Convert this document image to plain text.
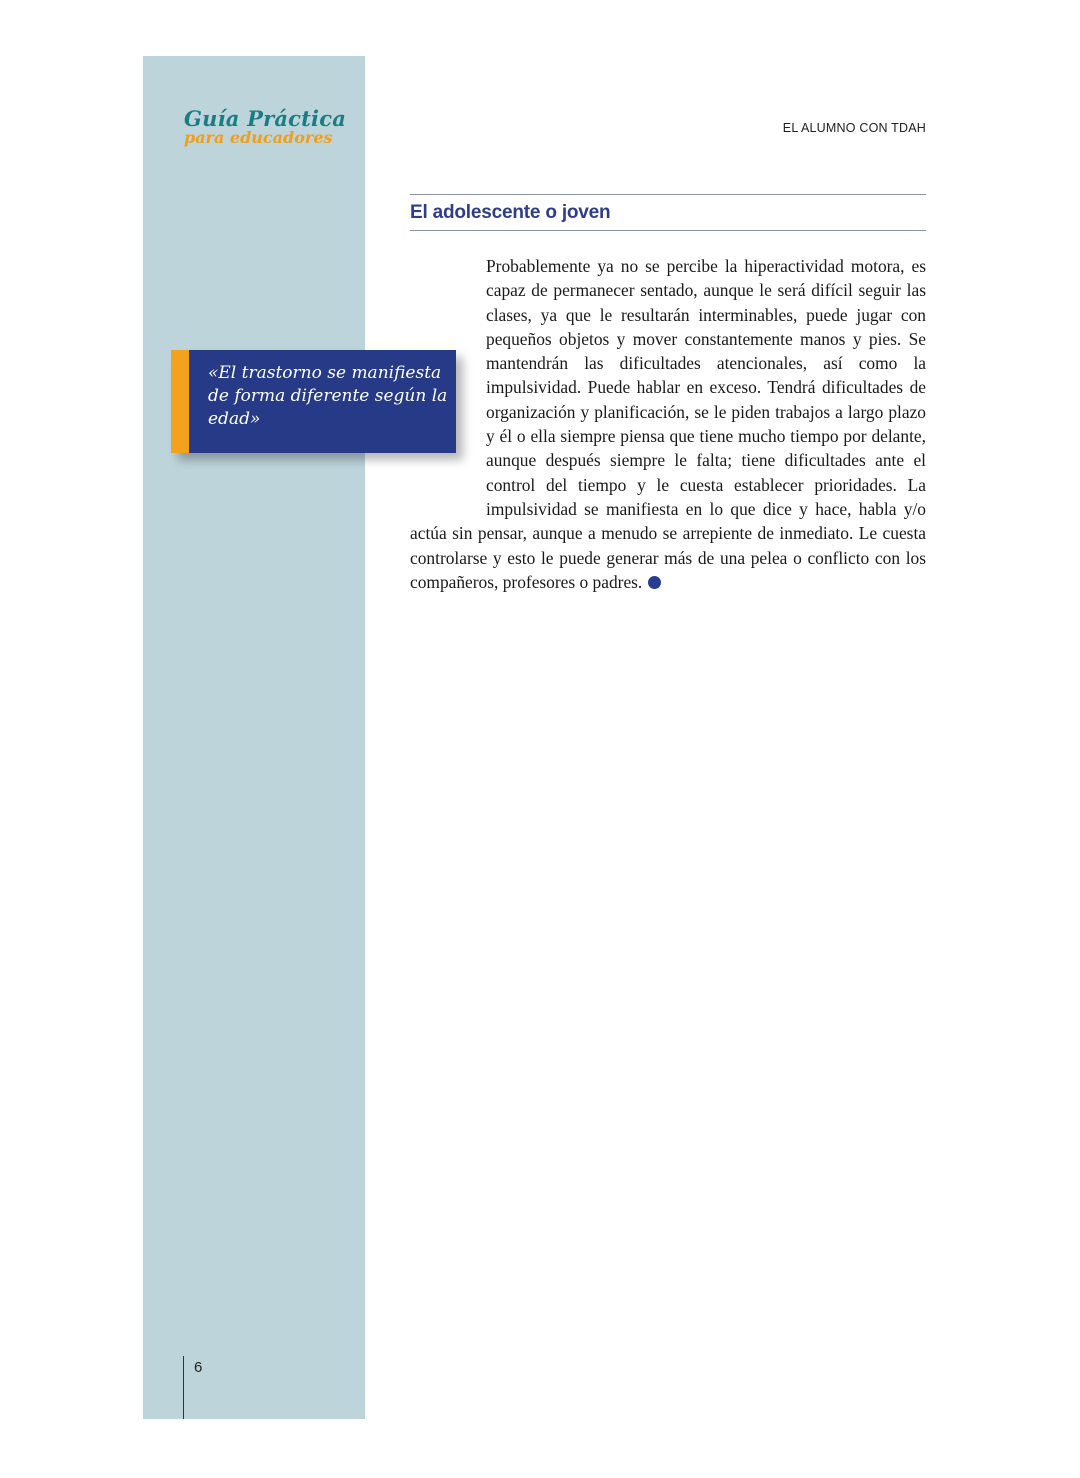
Guía Práctica
para educadores	EL ALUMNO CON TDAH
El adolescente o joven
Probablemente ya no se percibe la hiperactividad motora, es capaz de permanecer sentado, aunque le será difícil seguir las clases, ya que le resultarán interminables, puede jugar con pequeños objetos y mover constantemente manos y pies. Se mantendrán las dificultades atencionales, así como la impulsividad. Puede hablar en exceso. Tendrá dificultades de organización y planificación, se le piden trabajos a largo plazo y él o ella siempre piensa que tiene mucho tiempo por delante, aunque después siempre le falta; tiene dificultades ante el control del tiempo y le cuesta establecer prioridades. La impulsividad se manifiesta en lo que dice y hace, habla y/o actúa sin pensar, aunque a menudo se arrepiente de inmediato. Le cuesta controlarse y esto le puede generar más de una pelea o conflicto con los compañeros, profesores o padres.
«El trastorno se manifiesta de forma diferente según la edad»
6
